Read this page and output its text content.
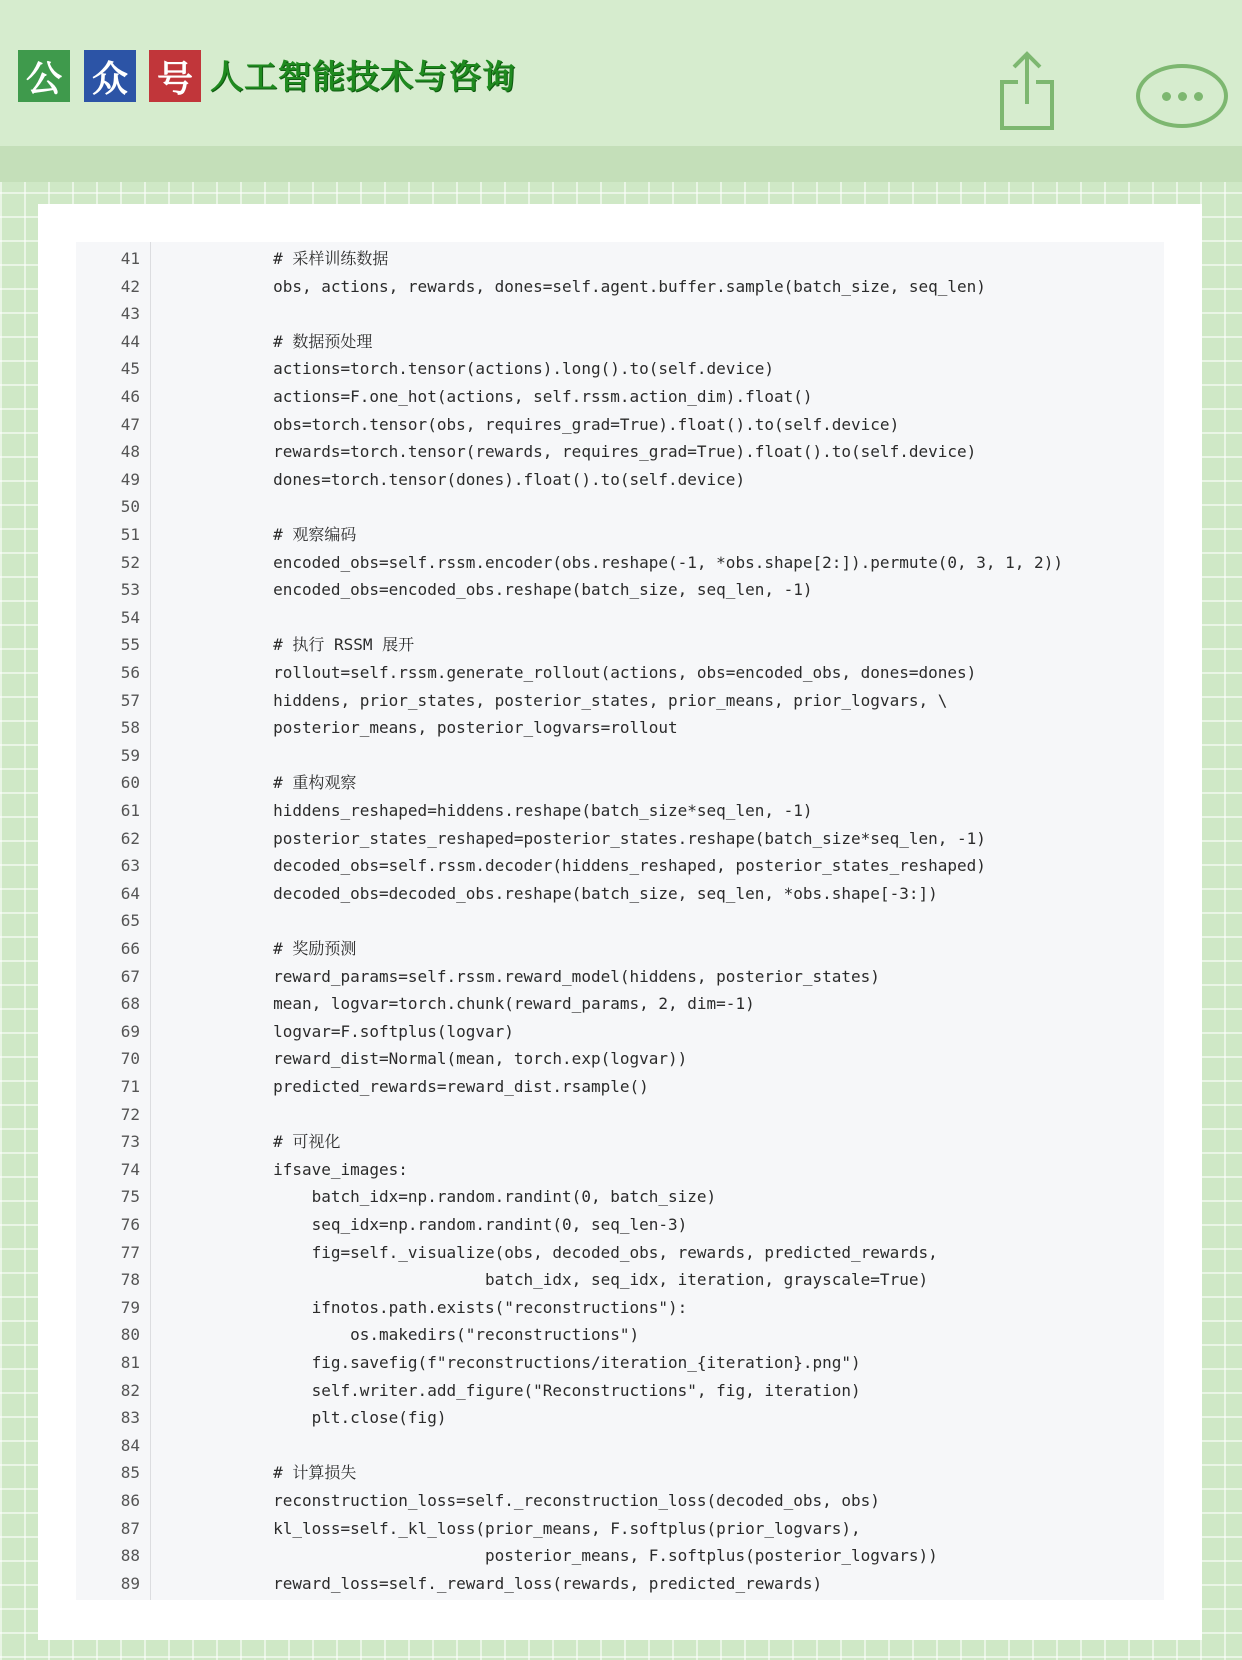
公 众 号 人工智能技术与咨询
41	# 采样训练数据
42	obs, actions, rewards, dones=self.agent.buffer.sample(batch_size, seq_len)
43
44	# 数据预处理
45	actions=torch.tensor(actions).long().to(self.device)
46	actions=F.one_hot(actions, self.rssm.action_dim).float()
47	obs=torch.tensor(obs, requires_grad=True).float().to(self.device)
48	rewards=torch.tensor(rewards, requires_grad=True).float().to(self.device)
49	dones=torch.tensor(dones).float().to(self.device)
50
51	# 观察编码
52	encoded_obs=self.rssm.encoder(obs.reshape(-1, *obs.shape[2:]).permute(0, 3, 1, 2))
53	encoded_obs=encoded_obs.reshape(batch_size, seq_len, -1)
54
55	# 执行 RSSM 展开
56	rollout=self.rssm.generate_rollout(actions, obs=encoded_obs, dones=dones)
57	hiddens, prior_states, posterior_states, prior_means, prior_logvars, \
58	posterior_means, posterior_logvars=rollout
59
60	# 重构观察
61	hiddens_reshaped=hiddens.reshape(batch_size*seq_len, -1)
62	posterior_states_reshaped=posterior_states.reshape(batch_size*seq_len, -1)
63	decoded_obs=self.rssm.decoder(hiddens_reshaped, posterior_states_reshaped)
64	decoded_obs=decoded_obs.reshape(batch_size, seq_len, *obs.shape[-3:])
65
66	# 奖励预测
67	reward_params=self.rssm.reward_model(hiddens, posterior_states)
68	mean, logvar=torch.chunk(reward_params, 2, dim=-1)
69	logvar=F.softplus(logvar)
70	reward_dist=Normal(mean, torch.exp(logvar))
71	predicted_rewards=reward_dist.rsample()
72
73	# 可视化
74	ifsave_images:
75	batch_idx=np.random.randint(0, batch_size)
76	seq_idx=np.random.randint(0, seq_len-3)
77	fig=self._visualize(obs, decoded_obs, rewards, predicted_rewards,
78	batch_idx, seq_idx, iteration, grayscale=True)
79	ifnotos.path.exists("reconstructions"):
80	os.makedirs("reconstructions")
81	fig.savefig(f"reconstructions/iteration_{iteration}.png")
82	self.writer.add_figure("Reconstructions", fig, iteration)
83	plt.close(fig)
84
85	# 计算损失
86	reconstruction_loss=self._reconstruction_loss(decoded_obs, obs)
87	kl_loss=self._kl_loss(prior_means, F.softplus(prior_logvars),
88	posterior_means, F.softplus(posterior_logvars))
89	reward_loss=self._reward_loss(rewards, predicted_rewards)
